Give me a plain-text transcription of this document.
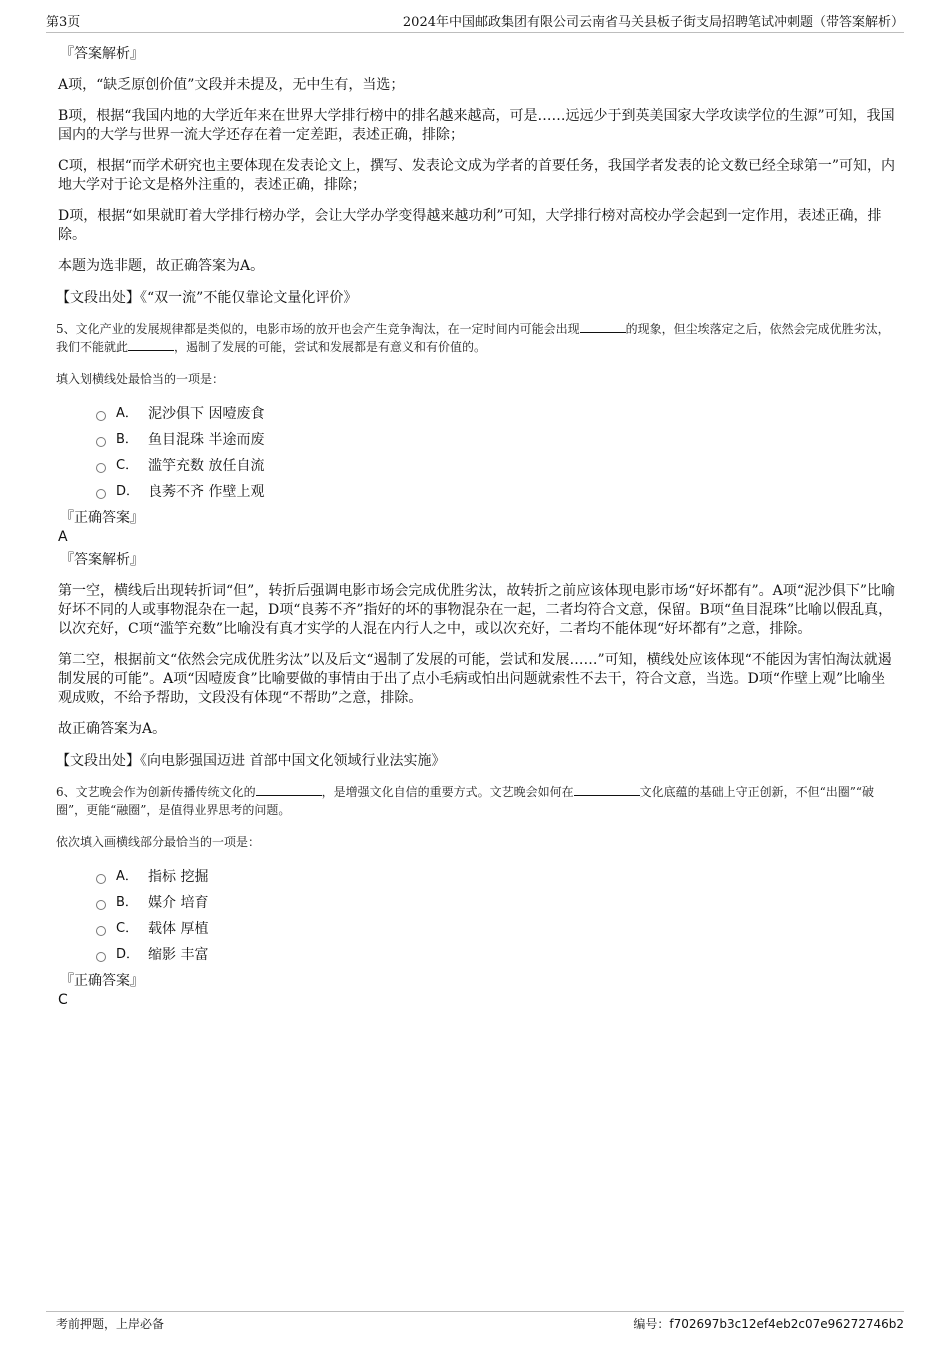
第3页	2024年中国邮政集团有限公司云南省马关县板子街支局招聘笔试冲刺题（带答案解析）
『答案解析』

A项，“缺乏原创价值”文段并未提及，无中生有，当选；

B项，根据“我国内地的大学近年来在世界大学排行榜中的排名越来越高，可是……远远少于到英美国家大学攻读学位的生源”可知，我国国内的大学与世界一流大学还存在着一定差距，表述正确，排除；

C项，根据“而学术研究也主要体现在发表论文上，撰写、发表论文成为学者的首要任务，我国学者发表的论文数已经全球第一”可知，内地大学对于论文是格外注重的，表述正确，排除；

D项，根据“如果就盯着大学排行榜办学，会让大学办学变得越来越功利”可知，大学排行榜对高校办学会起到一定作用，表述正确，排除。

本题为选非题，故正确答案为A。

【文段出处】《“双一流”不能仅靠论文量化评价》

5、文化产业的发展规律都是类似的，电影市场的放开也会产生竞争淘汰，在一定时间内可能会出现	的现象，但尘埃落定之后，依然会完成优胜劣汰，我们不能就此	，遏制了发展的可能，尝试和发展都是有意义和有价值的。

填入划横线处最恰当的一项是：

A． 泥沙俱下 因噎废食
B． 鱼目混珠 半途而废
C． 滥竽充数 放任自流
D． 良莠不齐 作壁上观
『正确答案』
A
『答案解析』

第一空，横线后出现转折词“但”，转折后强调电影市场会完成优胜劣汰，故转折之前应该体现电影市场“好坏都有”。A项“泥沙俱下”比喻好坏不同的人或事物混杂在一起，D项“良莠不齐”指好的坏的事物混杂在一起，二者均符合文意，保留。B项“鱼目混珠”比喻以假乱真，以次充好，C项“滥竽充数”比喻没有真才实学的人混在内行人之中，或以次充好，二者均不能体现“好坏都有”之意，排除。

第二空，根据前文“依然会完成优胜劣汰”以及后文“遏制了发展的可能，尝试和发展……”可知，横线处应该体现“不能因为害怕淘汰就遏制发展的可能”。A项“因噎废食”比喻要做的事情由于出了点小毛病或怕出问题就索性不去干，符合文意，当选。D项“作壁上观”比喻坐观成败，不给予帮助，文段没有体现“不帮助”之意，排除。

故正确答案为A。

【文段出处】《向电影强国迈进 首部中国文化领域行业法实施》

6、文艺晚会作为创新传播传统文化的	，是增强文化自信的重要方式。文艺晚会如何在	文化底蕴的基础上守正创新，不但“出圈”“破圈”，更能“融圈”，是值得业界思考的问题。

依次填入画横线部分最恰当的一项是：

A． 指标 挖掘
B． 媒介 培育
C． 载体 厚植
D． 缩影 丰富
『正确答案』
C
考前押题，上岸必备	编号：f702697b3c12ef4eb2c07e96272746b2
